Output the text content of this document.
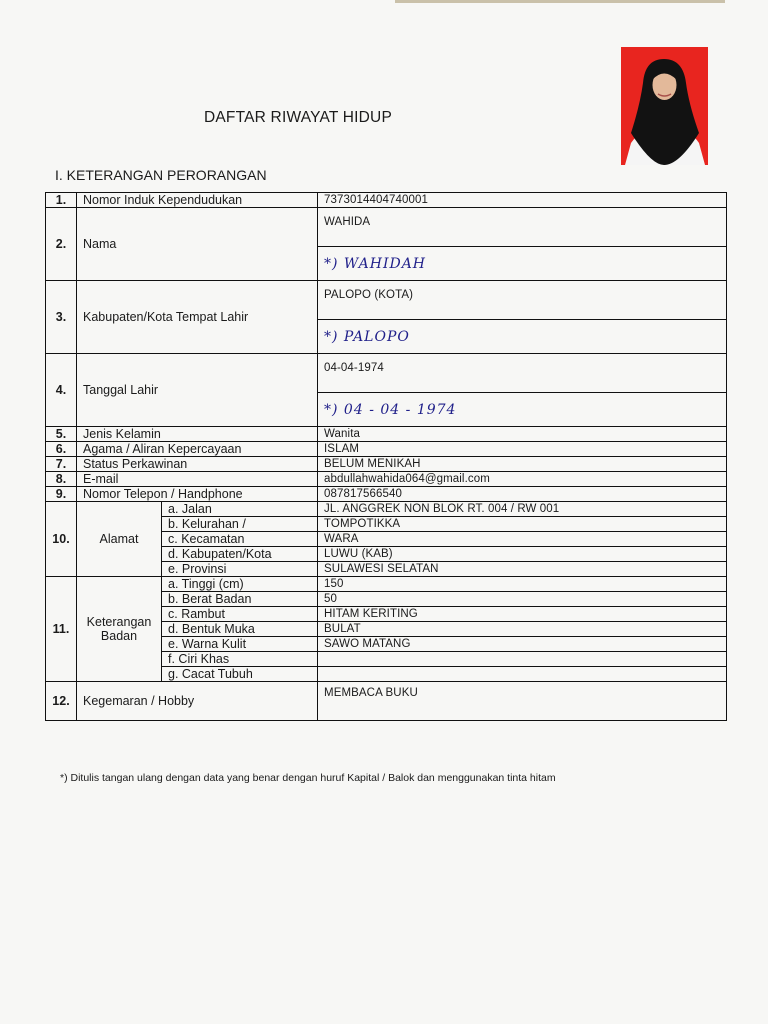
DAFTAR RIWAYAT HIDUP
I. KETERANGAN PERORANGAN
1.	Nomor Induk Kependudukan		7373014404740001
2.	Nama		WAHIDA
			*) WAHIDAH
3.	Kabupaten/Kota Tempat Lahir		PALOPO (KOTA)
			*) PALOPO
4.	Tanggal Lahir		04-04-1974
			*) 04 - 04 - 1974
5.	Jenis Kelamin		Wanita
6.	Agama / Aliran Kepercayaan		ISLAM
7.	Status Perkawinan		BELUM MENIKAH
8.	E-mail		abdullahwahida064@gmail.com
9.	Nomor Telepon / Handphone		087817566540
10.	Alamat	a. Jalan	JL. ANGGREK NON BLOK RT. 004 / RW 001
		b. Kelurahan /	TOMPOTIKKA
		c. Kecamatan	WARA
		d. Kabupaten/Kota	LUWU (KAB)
		e. Provinsi	SULAWESI SELATAN
11.	Keterangan Badan	a. Tinggi (cm)	150
		b. Berat Badan	50
		c. Rambut	HITAM KERITING
		d. Bentuk Muka	BULAT
		e. Warna Kulit	SAWO MATANG
		f. Ciri Khas	
		g. Cacat Tubuh	
12.	Kegemaran / Hobby		MEMBACA BUKU
*) Ditulis tangan ulang dengan data yang benar dengan huruf Kapital / Balok dan menggunakan tinta hitam
